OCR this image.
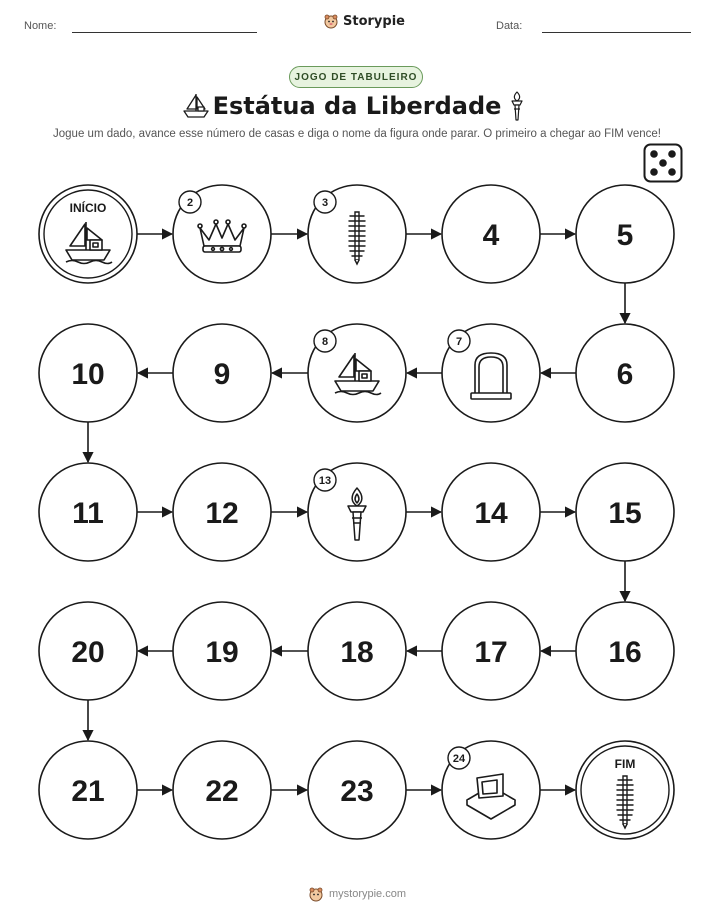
Nome:	Storypie	Data:
JOGO DE TABULEIRO
Estátua da Liberdade
Jogue um dado, avance esse número de casas e diga o nome da figura onde parar. O primeiro a chegar ao FIM vence!
INÍCIO	2	3
4	5
6
7
8
9
10
11	12
13
14	15
16
17
18
19
20
21	22	23
24	FIM
mystorypie.com
